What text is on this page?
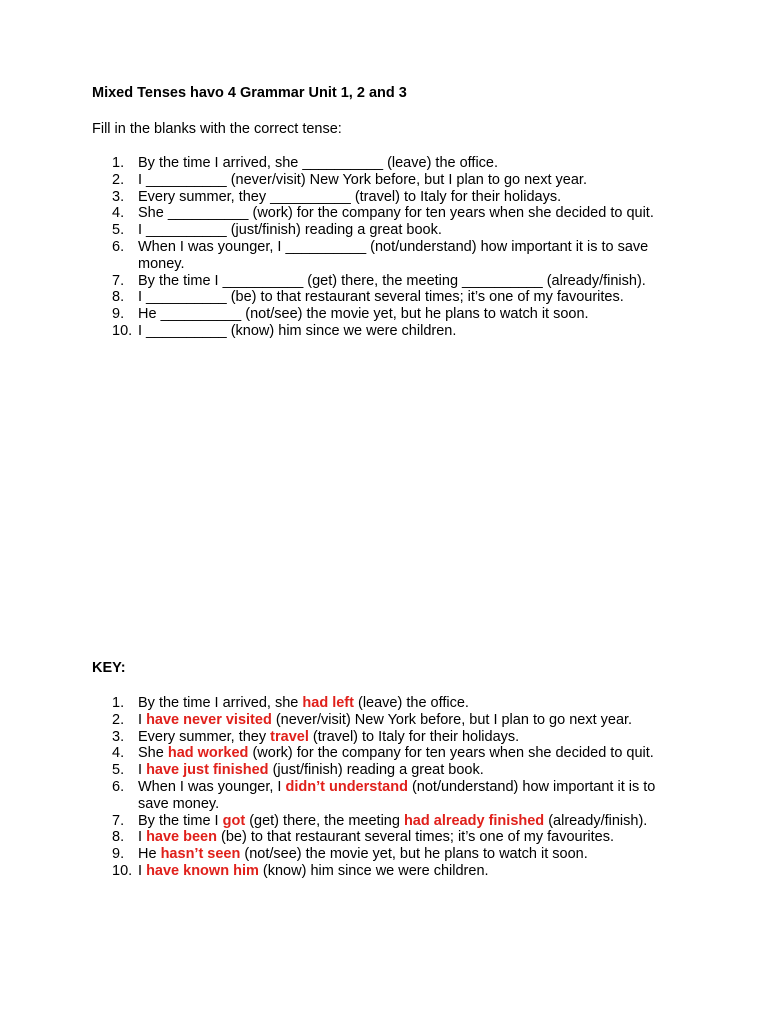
Mixed Tenses havo 4 Grammar Unit 1, 2 and 3

Fill in the blanks with the correct tense:

1. By the time I arrived, she __________ (leave) the office.
2. I __________ (never/visit) New York before, but I plan to go next year.
3. Every summer, they __________ (travel) to Italy for their holidays.
4. She __________ (work) for the company for ten years when she decided to quit.
5. I __________ (just/finish) reading a great book.
6. When I was younger, I __________ (not/understand) how important it is to save money.
7. By the time I __________ (get) there, the meeting __________ (already/finish).
8. I __________ (be) to that restaurant several times; it’s one of my favourites.
9. He __________ (not/see) the movie yet, but he plans to watch it soon.
10. I __________ (know) him since we were children.
KEY:
1. By the time I arrived, she had left (leave) the office.
2. I have never visited (never/visit) New York before, but I plan to go next year.
3. Every summer, they travel (travel) to Italy for their holidays.
4. She had worked (work) for the company for ten years when she decided to quit.
5. I have just finished (just/finish) reading a great book.
6. When I was younger, I didn’t understand (not/understand) how important it is to save money.
7. By the time I got (get) there, the meeting had already finished (already/finish).
8. I have been (be) to that restaurant several times; it’s one of my favourites.
9. He hasn’t seen (not/see) the movie yet, but he plans to watch it soon.
10. I have known him (know) him since we were children.
